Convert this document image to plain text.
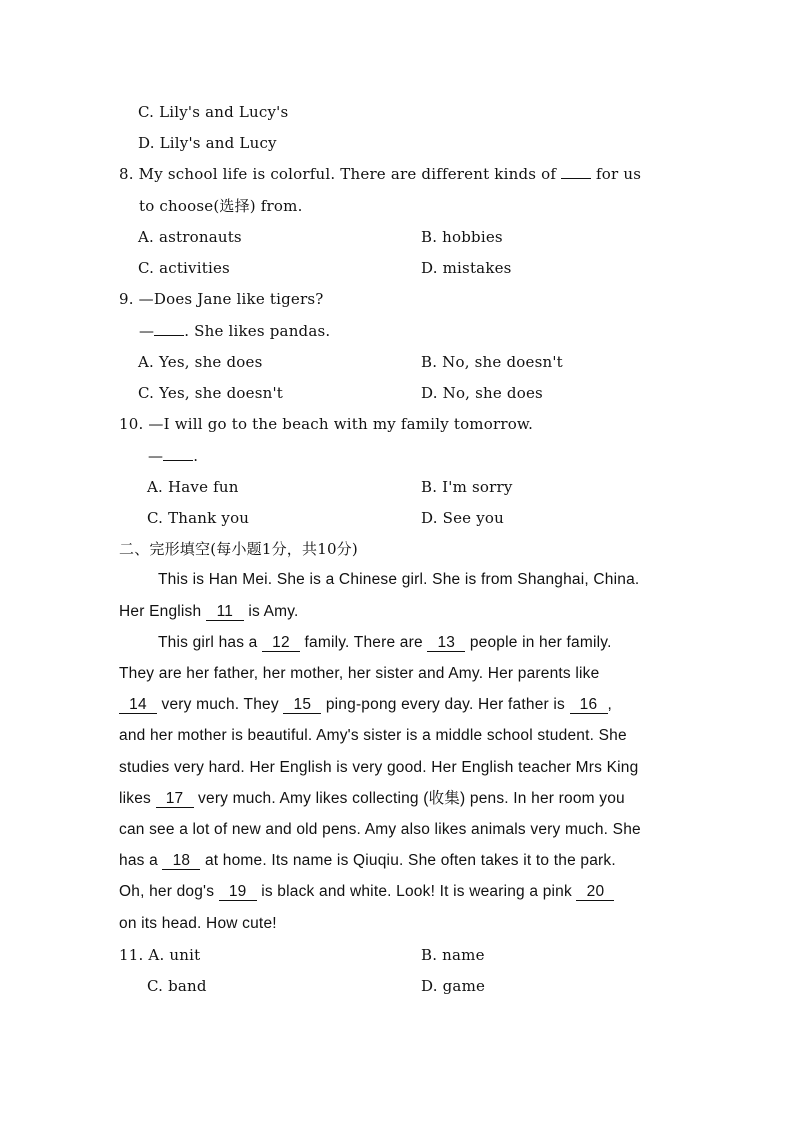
C. Lily's and Lucy's
D. Lily's and Lucy
8. My school life is colorful. There are different kinds of	for us
to choose(选择) from.
A. astronauts	B. hobbies
C. activities	D. mistakes
9. —Does Jane like tigers?
— . She likes pandas.
A. Yes, she does	B. No, she doesn't
C. Yes, she doesn't	D. No, she does
10. —I will go to the beach with my family tomorrow.
— .
A. Have fun	B. I'm sorry
C. Thank you	D. See you
二、完形填空(每小题1分，共10分)
This is Han Mei. She is a Chinese girl. She is from Shanghai, China.
Her English 11 is Amy.
This girl has a 12 family. There are 13 people in her family.
They are her father, her mother, her sister and Amy. Her parents like
14 very much. They 15 ping-pong every day. Her father is 16 ,
and her mother is beautiful. Amy's sister is a middle school student. She
studies very hard. Her English is very good. Her English teacher Mrs King
likes 17 very much. Amy likes collecting (收集) pens. In her room you
can see a lot of new and old pens. Amy also likes animals very much. She
has a 18 at home. Its name is Qiuqiu. She often takes it to the park.
Oh, her dog's 19 is black and white. Look! It is wearing a pink 20
on its head. How cute!
11. A. unit	B. name
C. band	D. game
